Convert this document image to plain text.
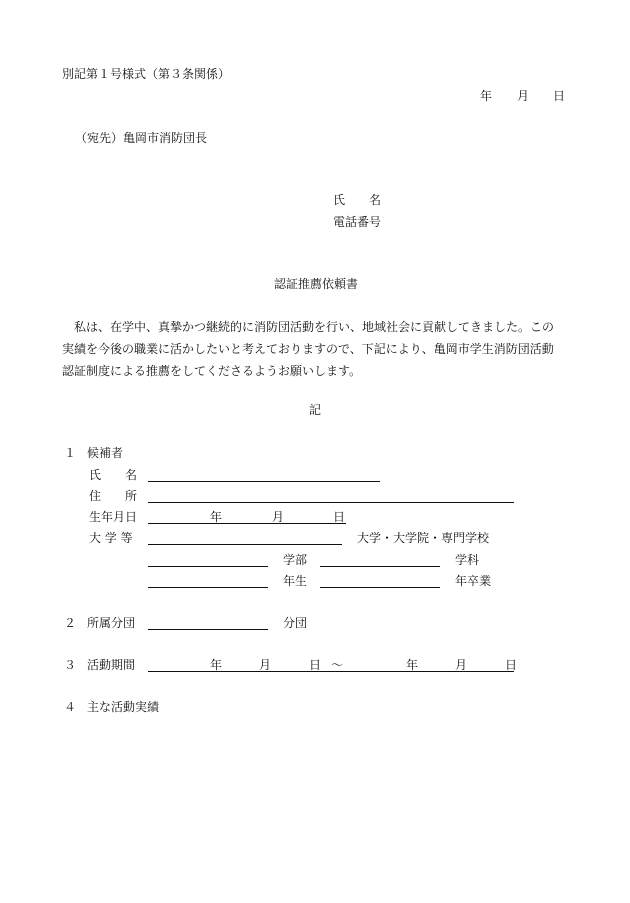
別記第１号様式（第３条関係）
年 月 日
（宛先）亀岡市消防団長
氏　　名
電話番号
認証推薦依頼書
　私は、在学中、真摯かつ継続的に消防団活動を行い、地域社会に貢献してきました。この
実績を今後の職業に活かしたいと考えておりますので、下記により、亀岡市学生消防団活動
認証制度による推薦をしてくださるようお願いします。
記
１ 候補者
氏　　名
住　　所
生年月日	年	月	日
大 学 等	大学・大学院・専門学校
学部	学科
年生	年卒業
２ 所属分団	分団
３ 活動期間	年	月	日 ～	年	月	日
４ 主な活動実績
